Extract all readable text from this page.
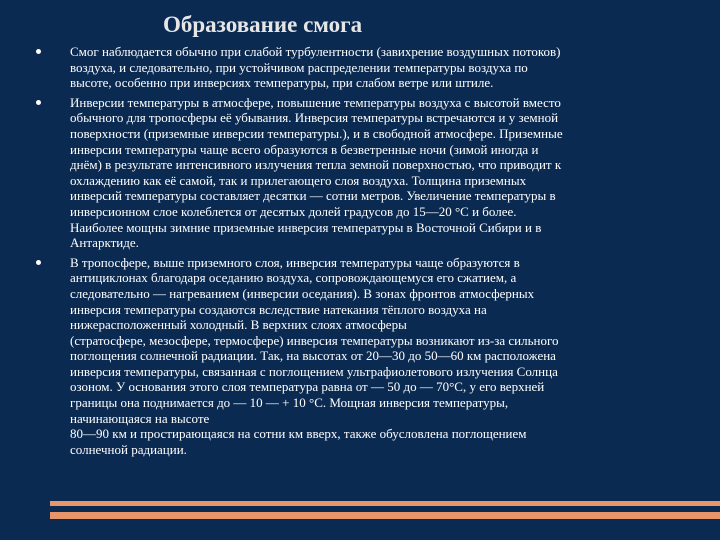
Образование смога
Смог наблюдается обычно при слабой турбулентности (завихрение воздушных потоков)
воздуха, и следовательно, при устойчивом распределении температуры воздуха по
высоте, особенно при инверсиях температуры, при слабом ветре или штиле.
Инверсии температуры в атмосфере, повышение температуры воздуха с высотой вместо
обычного для тропосферы её убывания. Инверсия температуры встречаются и у земной
поверхности (приземные инверсии температуры.), и в свободной атмосфере. Приземные
инверсии температуры чаще всего образуются в безветренные ночи (зимой иногда и
днём) в результате интенсивного излучения тепла земной поверхностью, что приводит к
охлаждению как её самой, так и прилегающего слоя воздуха. Толщина приземных
инверсий температуры составляет десятки — сотни метров. Увеличение температуры в
инверсионном слое колеблется от десятых долей градусов до 15—20 °С и более.
Наиболее мощны зимние приземные инверсия температуры в Восточной Сибири и в
Антарктиде.
В тропосфере, выше приземного слоя, инверсия температуры чаще образуются в
антициклонах благодаря оседанию воздуха, сопровождающемуся его сжатием, а
следовательно — нагреванием (инверсии оседания). В зонах фронтов атмосферных
инверсия температуры создаются вследствие натекания тёплого воздуха на
нижерасположенный холодный. В верхних слоях атмосферы
(стратосфере, мезосфере, термосфере) инверсия температуры возникают из-за сильного
поглощения солнечной радиации. Так, на высотах от 20—30 до 50—60 км расположена
инверсия температуры, связанная с поглощением ультрафиолетового излучения Солнца
озоном. У основания этого слоя температура равна от — 50 до — 70°С, у его верхней
границы она поднимается до — 10 — + 10 °С. Мощная инверсия температуры,
начинающаяся на высоте
80—90 км и простирающаяся на сотни км вверх, также обусловлена поглощением
солнечной радиации.
